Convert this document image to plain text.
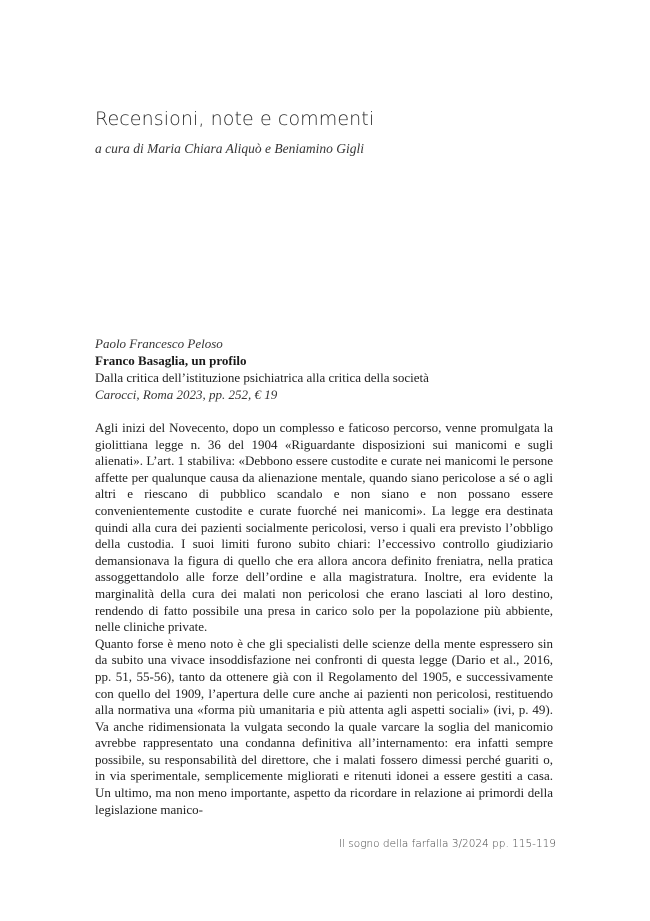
Recensioni, note e commenti

a cura di Maria Chiara Aliquò e Beniamino Gigli

Paolo Francesco Peloso
Franco Basaglia, un profilo
Dalla critica dell’istituzione psichiatrica alla critica della società
Carocci, Roma 2023, pp. 252, € 19

Agli inizi del Novecento, dopo un complesso e faticoso percorso, venne promulgata la giolittiana legge n. 36 del 1904 «Riguardante disposizioni sui manicomi e sugli alienati». L’art. 1 stabiliva: «Debbono essere custodite e curate nei manicomi le persone affette per qualunque causa da alienazione mentale, quando siano pericolose a sé o agli altri e riescano di pubblico scandalo e non siano e non possano essere convenientemente custodite e curate fuorché nei manicomi». La legge era destinata quindi alla cura dei pazienti socialmente pericolosi, verso i quali era previsto l’obbligo della custodia. I suoi limiti furono subito chiari: l’eccessivo controllo giudiziario demansionava la figura di quello che era allora ancora definito freniatra, nella pratica assoggettandolo alle forze dell’ordine e alla magistratura. Inoltre, era evidente la marginalità della cura dei malati non pericolosi che erano lasciati al loro destino, rendendo di fatto possibile una presa in carico solo per la popolazione più abbiente, nelle cliniche private.

Quanto forse è meno noto è che gli specialisti delle scienze della mente espressero sin da subito una vivace insoddisfazione nei confronti di questa legge (Dario et al., 2016, pp. 51, 55-56), tanto da ottenere già con il Regolamento del 1905, e successivamente con quello del 1909, l’apertura delle cure anche ai pazienti non pericolosi, restituendo alla normativa una «forma più umanitaria e più attenta agli aspetti sociali» (ivi, p. 49). Va anche ridimensionata la vulgata secondo la quale varcare la soglia del manicomio avrebbe rappresentato una condanna definitiva all’internamento: era infatti sempre possibile, su responsabilità del direttore, che i malati fossero dimessi perché guariti o, in via sperimentale, semplicemente migliorati e ritenuti idonei a essere gestiti a casa. Un ultimo, ma non meno importante, aspetto da ricordare in relazione ai primordi della legislazione manico-

Il sogno della farfalla 3/2024 pp. 115-119
